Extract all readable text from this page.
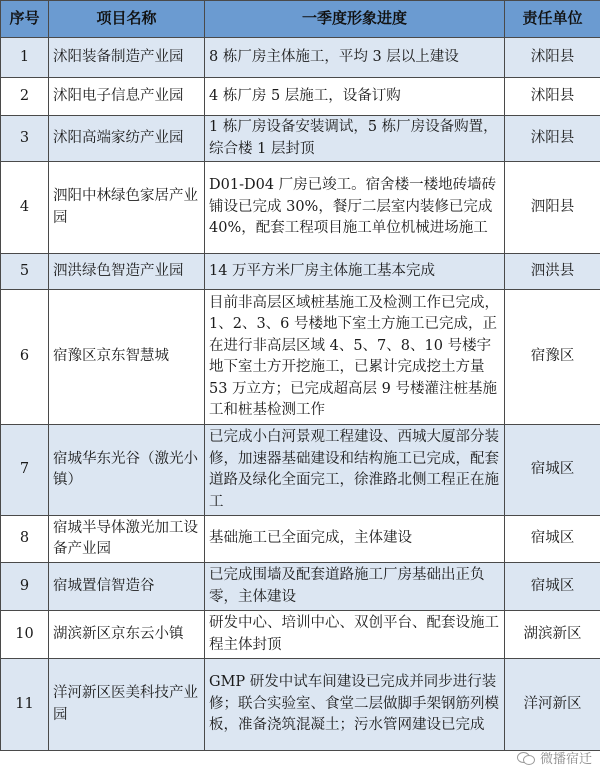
序号	项目名称	一季度形象进度	责任单位
1	沭阳装备制造产业园	8 栋厂房主体施工，平均 3 层以上建设	沭阳县
2	沭阳电子信息产业园	4 栋厂房 5 层施工，设备订购	沭阳县
3	沭阳高端家纺产业园	1 栋厂房设备安装调试，5 栋厂房设备购置，综合楼 1 层封顶	沭阳县
4	泗阳中林绿色家居产业园	D01-D04 厂房已竣工。宿舍楼一楼地砖墙砖铺设已完成 30%，餐厅二层室内装修已完成 40%，配套工程项目施工单位机械进场施工	泗阳县
5	泗洪绿色智造产业园	14 万平方米厂房主体施工基本完成	泗洪县
6	宿豫区京东智慧城	目前非高层区域桩基施工及检测工作已完成，1、2、3、6 号楼地下室土方施工已完成，正在进行非高层区域 4、5、7、8、10 号楼宇地下室土方开挖施工，已累计完成挖土方量 53 万立方；已完成超高层 9 号楼灌注桩基施工和桩基检测工作	宿豫区
7	宿城华东光谷（激光小镇）	已完成小白河景观工程建设、西城大厦部分装修，加速器基础建设和结构施工已完成，配套道路及绿化全面完工，徐淮路北侧工程正在施工	宿城区
8	宿城半导体激光加工设备产业园	基础施工已全面完成，主体建设	宿城区
9	宿城置信智造谷	已完成围墙及配套道路施工厂房基础出正负零，主体建设	宿城区
10	湖滨新区京东云小镇	研发中心、培训中心、双创平台、配套设施工程主体封顶	湖滨新区
11	洋河新区医美科技产业园	GMP 研发中试车间建设已完成并同步进行装修；联合实验室、食堂二层做脚手架钢筋列模板，准备浇筑混凝土；污水管网建设已完成	洋河新区
微播宿迁
